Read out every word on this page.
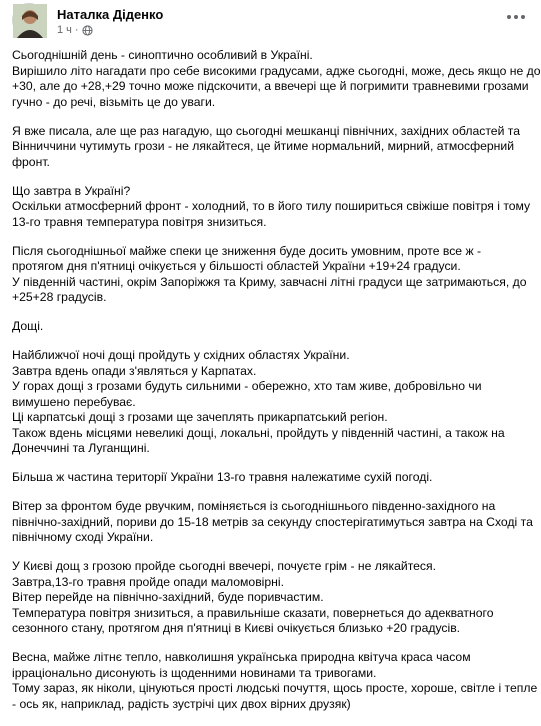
Наталка Діденко
1 ч ·
Сьогоднішній день - синоптично особливий в Україні.
Вирішило літо нагадати про себе високими градусами, адже сьогодні, може, десь якщо не до
+30, але до +28,+29 точно може підскочити, а ввечері ще й погримити травневими грозами
гучно - до речі, візьміть це до уваги.
Я вже писала, але ще раз нагадую, що сьогодні мешканці північних, західних областей та
Вінниччини чутимуть грози - не лякайтеся, це йтиме нормальний, мирний, атмосферний
фронт.
Що завтра в Україні?
Оскільки атмосферний фронт - холодний, то в його тилу пошириться свіжіше повітря і тому
13-го травня температура повітря знизиться.
Після сьогоднішньої майже спеки це зниження буде досить умовним, проте все ж -
протягом дня п'ятниці очікується у більшості областей України +19+24 градуси.
У південній частині, окрім Запоріжжя та Криму, завчасні літні градуси ще затримаються, до
+25+28 градусів.
Дощі.
Найближчої ночі дощі пройдуть у східних областях України.
Завтра вдень опади з'являться у Карпатах.
У горах дощі з грозами будуть сильними - обережно, хто там живе, добровільно чи
вимушено перебуває.
Ці карпатські дощі з грозами ще зачеплять прикарпатський регіон.
Також вдень місцями невеликі дощі, локальні, пройдуть у південній частині, а також на
Донеччині та Луганщині.
Більша ж частина території України 13-го травня належатиме сухій погоді.
Вітер за фронтом буде рвучким, поміняється із сьогоднішнього південно-західного на
північно-західний, пориви до 15-18 метрів за секунду спостерігатимуться завтра на Сході та
північному сході України.
У Києві дощ з грозою пройде сьогодні ввечері, почуєте грім - не лякайтеся.
Завтра,13-го травня пройде опади маломовірні.
Вітер перейде на північно-західний, буде поривчастим.
Температура повітря знизиться, а правильніше сказати, повернеться до адекватного
сезонного стану, протягом дня п'ятниці в Києві очікується близько +20 градусів.
Весна, майже літнє тепло, навколишня українська природна квітуча краса часом
ірраціонально дисонують із щоденними новинами та тривогами.
Тому зараз, як ніколи, цінуються прості людські почуття, щось просте, хороше, світле і тепле
- ось як, наприклад, радість зустрічі цих двох вірних друзяк)
